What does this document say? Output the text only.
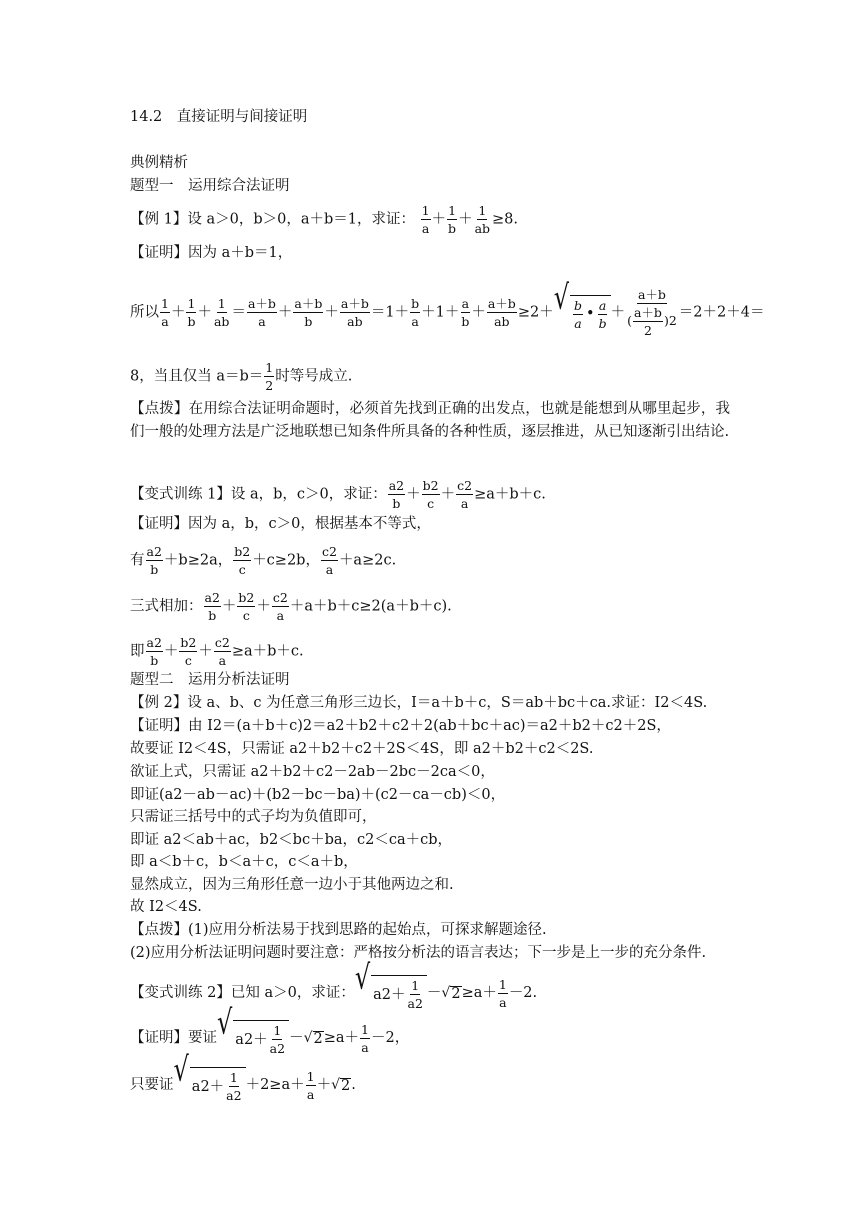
14.2　直接证明与间接证明
典例精析
题型一　运用综合法证明
【例 1】设 a＞0，b＞0，a＋b＝1，求证： $\frac{1}{a} + \frac{1}{b} + \frac{1}{ab} \ge 8$.
【证明】因为 a＋b＝1，
所以 $\frac{1}{a} + \frac{1}{b} + \frac{1}{ab} = \frac{a+b}{a} + \frac{a+b}{b} + \frac{a+b}{ab} =1+ \frac{b}{a} +1+ \frac{a}{b} + \frac{a+b}{ab} \ge 2+$ √ $\frac{b}{a}$ • $\frac{a}{b} + \frac{a+b}{( \frac{a+b}{2} )2} =2+2+4=$
8，当且仅当 $a=b= \frac{1}{2}$ 时等号成立.
【点拨】在用综合法证明命题时，必须首先找到正确的出发点，也就是能想到从哪里起步，我们一般的处理方法是广泛地联想已知条件所具备的各种性质，逐层推进，从已知逐渐引出结论.
【变式训练 1】设 a，b，c＞0，求证： $\frac{a2}{b} + \frac{b2}{c} + \frac{c2}{a} \ge a+b+c$.
【证明】因为 a，b，c＞0，根据基本不等式，
有 $\frac{a2}{b} +b\ge 2a$， $\frac{b2}{c} +c\ge 2b$， $\frac{c2}{a} +a\ge 2c$.
三式相加： $\frac{a2}{b} + \frac{b2}{c} + \frac{c2}{a} +a+b+c\ge 2(a+b+c)$.
即 $\frac{a2}{b} + \frac{b2}{c} + \frac{c2}{a} \ge a+b+c$.
题型二　运用分析法证明
【例 2】设 a、b、c 为任意三角形三边长，I＝a＋b＋c，S＝ab＋bc＋ca.求证：I2＜4S.
【证明】由 I2＝(a＋b＋c)2＝a2＋b2＋c2＋2(ab＋bc＋ac)＝a2＋b2＋c2＋2S，
故要证 I2＜4S，只需证 a2＋b2＋c2＋2S＜4S，即 a2＋b2＋c2＜2S.
欲证上式，只需证 a2＋b2＋c2－2ab－2bc－2ca＜0，
即证(a2－ab－ac)＋(b2－bc－ba)＋(c2－ca－cb)＜0，
只需证三括号中的式子均为负值即可，
即证 a2＜ab＋ac，b2＜bc＋ba，c2＜ca＋cb，
即 a＜b＋c，b＜a＋c，c＜a＋b，
显然成立，因为三角形任意一边小于其他两边之和.
故 I2＜4S.
【点拨】(1)应用分析法易于找到思路的起始点，可探求解题途径.
(2)应用分析法证明问题时要注意：严格按分析法的语言表达；下一步是上一步的充分条件.
【变式训练 2】已知 a＞0，求证： √ $a2 + \frac{1}{a2}$ － √ $2 \ge a+ \frac{1}{a} -2$.
【证明】要证 √ $a2 + \frac{1}{a2}$ － √ $2 \ge a+ \frac{1}{a} -2$，
只要证 √ $a2 + \frac{1}{a2} +2\ge a+ \frac{1}{a}$ ＋ √ 2 .
